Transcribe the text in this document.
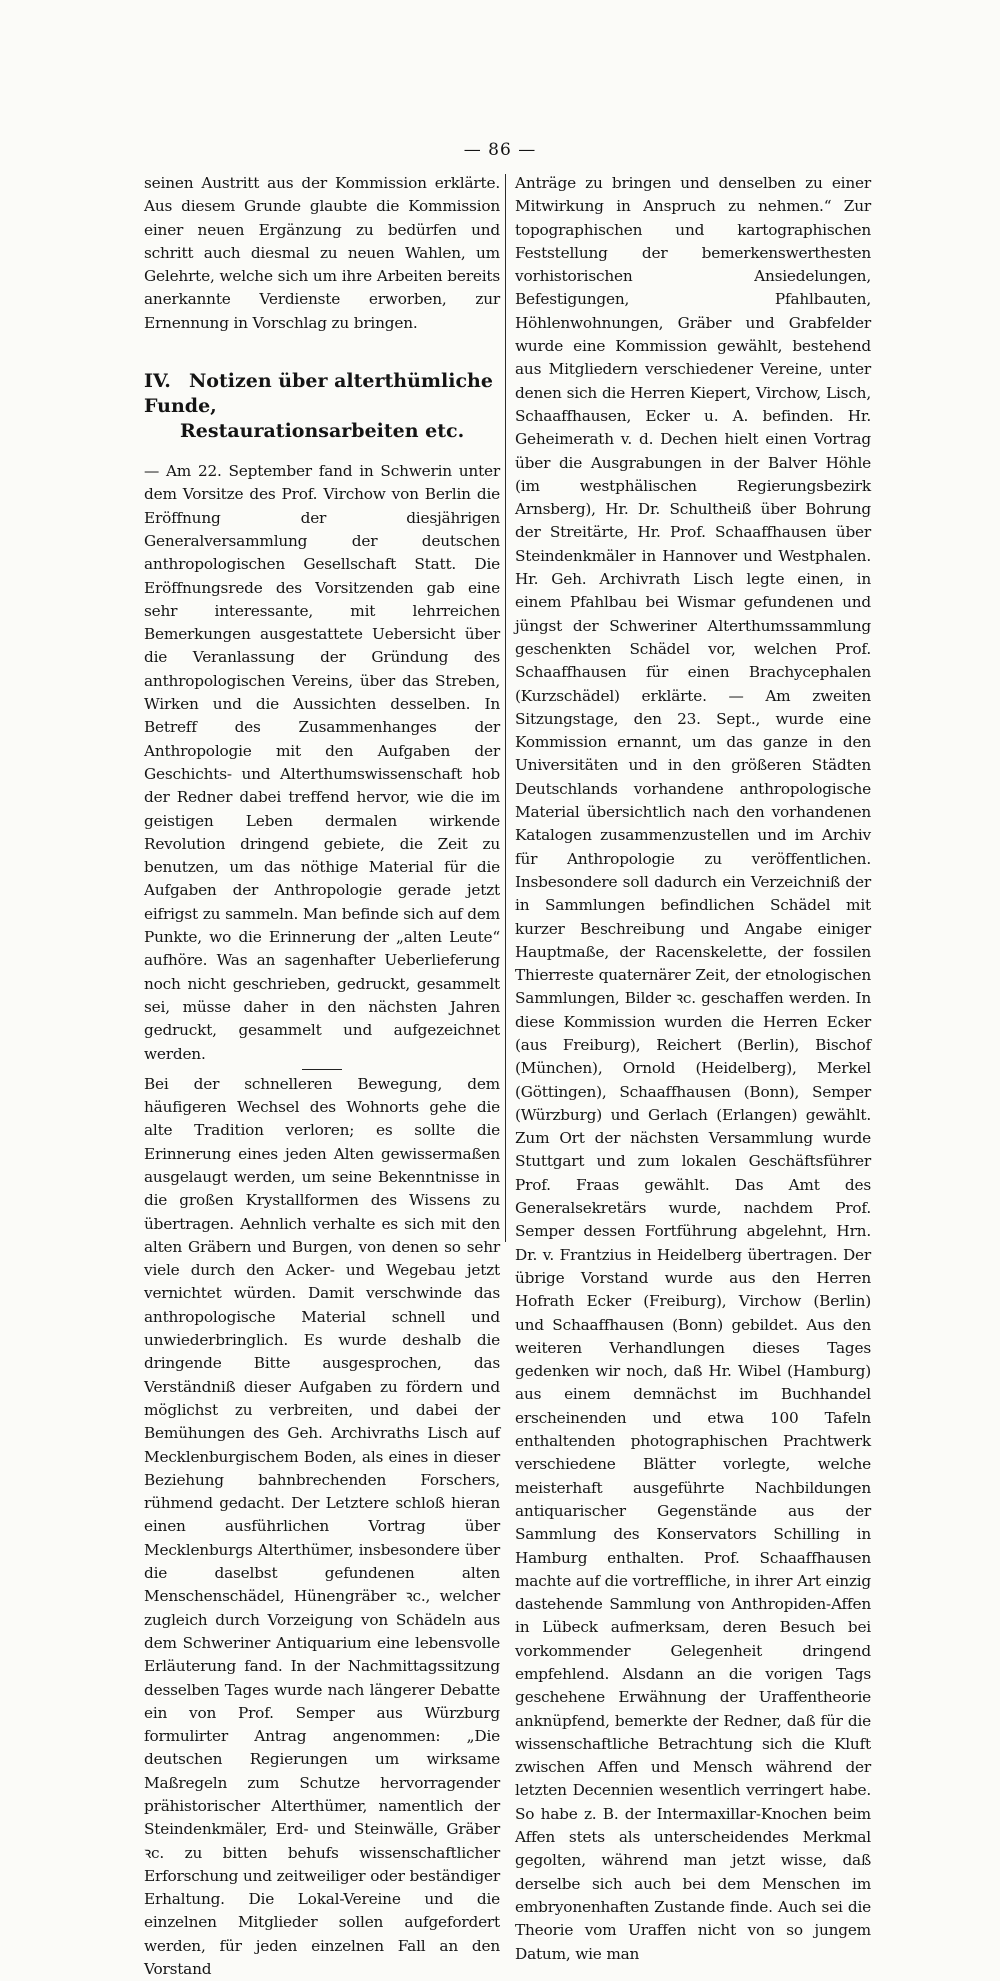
— 86 —

seinen Austritt aus der Kommission erklärte. Aus diesem Grunde glaubte die Kommission einer neuen Ergänzung zu bedürfen und schritt auch diesmal zu neuen Wahlen, um Gelehrte, welche sich um ihre Arbeiten bereits anerkannte Verdienste erworben, zur Ernennung in Vorschlag zu bringen.

IV. Notizen über alterthümliche Funde,
Restaurationsarbeiten etc.

— Am 22. September fand in Schwerin unter dem Vorsitze des Prof. Virchow von Berlin die Eröffnung der diesjährigen Generalversammlung der deutschen anthropologischen Gesellschaft Statt. Die Eröffnungsrede des Vorsitzenden gab eine sehr interessante, mit lehrreichen Bemerkungen ausgestattete Uebersicht über die Veranlassung der Gründung des anthropologischen Vereins, über das Streben, Wirken und die Aussichten desselben. In Betreff des Zusammenhanges der Anthropologie mit den Aufgaben der Geschichts- und Alterthumswissenschaft hob der Redner dabei treffend hervor, wie die im geistigen Leben dermalen wirkende Revolution dringend gebiete, die Zeit zu benutzen, um das nöthige Material für die Aufgaben der Anthropologie gerade jetzt eifrigst zu sammeln. Man befinde sich auf dem Punkte, wo die Erinnerung der „alten Leute“ aufhöre. Was an sagenhafter Ueberlieferung noch nicht geschrieben, gedruckt, gesammelt sei, müsse daher in den nächsten Jahren gedruckt, gesammelt und aufgezeichnet werden.

Bei der schnelleren Bewegung, dem häufigeren Wechsel des Wohnorts gehe die alte Tradition verloren; es sollte die Erinnerung eines jeden Alten gewissermaßen ausgelaugt werden, um seine Bekenntnisse in die großen Krystallformen des Wissens zu übertragen. Aehnlich verhalte es sich mit den alten Gräbern und Burgen, von denen so sehr viele durch den Acker- und Wegebau jetzt vernichtet würden. Damit verschwinde das anthropologische Material schnell und unwiederbringlich. Es wurde deshalb die dringende Bitte ausgesprochen, das Verständniß dieser Aufgaben zu fördern und möglichst zu verbreiten, und dabei der Bemühungen des Geh. Archivraths Lisch auf Mecklenburgischem Boden, als eines in dieser Beziehung bahnbrechenden Forschers, rühmend gedacht. Der Letztere schloß hieran einen ausführlichen Vortrag über Mecklenburgs Alterthümer, insbesondere über die daselbst gefundenen alten Menschenschädel, Hünengräber ꝛc., welcher zugleich durch Vorzeigung von Schädeln aus dem Schweriner Antiquarium eine lebensvolle Erläuterung fand. In der Nachmittagssitzung desselben Tages wurde nach längerer Debatte ein von Prof. Semper aus Würzburg formulirter Antrag angenommen: „Die deutschen Regierungen um wirksame Maßregeln zum Schutze hervorragender prähistorischer Alterthümer, namentlich der Steindenkmäler, Erd- und Steinwälle, Gräber ꝛc. zu bitten behufs wissenschaftlicher Erforschung und zeitweiliger oder beständiger Erhaltung. Die Lokal-Vereine und die einzelnen Mitglieder sollen aufgefordert werden, für jeden einzelnen Fall an den Vorstand

Anträge zu bringen und denselben zu einer Mitwirkung in Anspruch zu nehmen.“ Zur topographischen und kartographischen Feststellung der bemerkenswerthesten vorhistorischen Ansiedelungen, Befestigungen, Pfahlbauten, Höhlenwohnungen, Gräber und Grabfelder wurde eine Kommission gewählt, bestehend aus Mitgliedern verschiedener Vereine, unter denen sich die Herren Kiepert, Virchow, Lisch, Schaaffhausen, Ecker u. A. befinden. Hr. Geheimerath v. d. Dechen hielt einen Vortrag über die Ausgrabungen in der Balver Höhle (im westphälischen Regierungsbezirk Arnsberg), Hr. Dr. Schultheiß über Bohrung der Streitärte, Hr. Prof. Schaaffhausen über Steindenkmäler in Hannover und Westphalen. Hr. Geh. Archivrath Lisch legte einen, in einem Pfahlbau bei Wismar gefundenen und jüngst der Schweriner Alterthumssammlung geschenkten Schädel vor, welchen Prof. Schaaffhausen für einen Brachycephalen (Kurzschädel) erklärte. — Am zweiten Sitzungstage, den 23. Sept., wurde eine Kommission ernannt, um das ganze in den Universitäten und in den größeren Städten Deutschlands vorhandene anthropologische Material übersichtlich nach den vorhandenen Katalogen zusammenzustellen und im Archiv für Anthropologie zu veröffentlichen. Insbesondere soll dadurch ein Verzeichniß der in Sammlungen befindlichen Schädel mit kurzer Beschreibung und Angabe einiger Hauptmaße, der Racenskelette, der fossilen Thierreste quaternärer Zeit, der etnologischen Sammlungen, Bilder ꝛc. geschaffen werden. In diese Kommission wurden die Herren Ecker (aus Freiburg), Reichert (Berlin), Bischof (München), Ornold (Heidelberg), Merkel (Göttingen), Schaaffhausen (Bonn), Semper (Würzburg) und Gerlach (Erlangen) gewählt. Zum Ort der nächsten Versammlung wurde Stuttgart und zum lokalen Geschäftsführer Prof. Fraas gewählt. Das Amt des Generalsekretärs wurde, nachdem Prof. Semper dessen Fortführung abgelehnt, Hrn. Dr. v. Frantzius in Heidelberg übertragen. Der übrige Vorstand wurde aus den Herren Hofrath Ecker (Freiburg), Virchow (Berlin) und Schaaffhausen (Bonn) gebildet. Aus den weiteren Verhandlungen dieses Tages gedenken wir noch, daß Hr. Wibel (Hamburg) aus einem demnächst im Buchhandel erscheinenden und etwa 100 Tafeln enthaltenden photographischen Prachtwerk verschiedene Blätter vorlegte, welche meisterhaft ausgeführte Nachbildungen antiquarischer Gegenstände aus der Sammlung des Konservators Schilling in Hamburg enthalten. Prof. Schaaffhausen machte auf die vortreffliche, in ihrer Art einzig dastehende Sammlung von Anthropiden-Affen in Lübeck aufmerksam, deren Besuch bei vorkommender Gelegenheit dringend empfehlend. Alsdann an die vorigen Tags geschehene Erwähnung der Uraffentheorie anknüpfend, bemerkte der Redner, daß für die wissenschaftliche Betrachtung sich die Kluft zwischen Affen und Mensch während der letzten Decennien wesentlich verringert habe. So habe z. B. der Intermaxillar-Knochen beim Affen stets als unterscheidendes Merkmal gegolten, während man jetzt wisse, daß derselbe sich auch bei dem Menschen im embryonenhaften Zustande finde. Auch sei die Theorie vom Uraffen nicht von so jungem Datum, wie man
